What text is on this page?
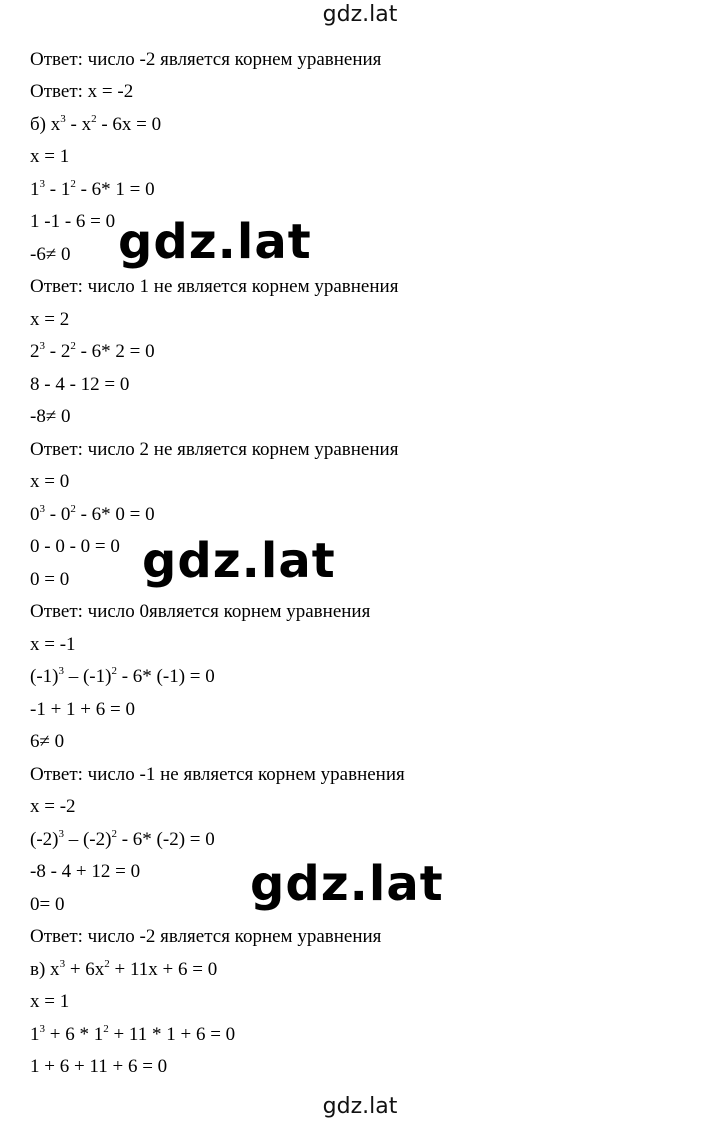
gdz.lat
Ответ: число -2 является корнем уравнения
Ответ: x = -2
б) $x^3 - x^2 - 6x = 0$
x = 1
$1^3 - 1^2 - 6*$ 1 = 0
1 -1 - 6 = 0
-6≠ 0
Ответ: число 1 не является корнем уравнения
x = 2
$2^3 - 2^2 - 6*$ 2 = 0
8 - 4 - 12 = 0
-8≠ 0
Ответ: число 2 не является корнем уравнения
x = 0
$0^3 - 0^2 - 6*$ 0 = 0
0 - 0 - 0 = 0
0 = 0
Ответ: число 0является корнем уравнения
x = -1
$(-1)^3 - (-1)^2 - 6*$ (-1) = 0
-1 + 1 + 6 = 0
6≠ 0
Ответ: число -1 не является корнем уравнения
x = -2
$(-2)^3 - (-2)^2 - 6*$ (-2) = 0
-8 - 4 + 12 = 0
0= 0
Ответ: число -2 является корнем уравнения
в) $x^3 + 6x^2 + 11x + 6 = 0$
x = 1
$1^3 + 6 * 1^2 + 11 * 1 + 6 = 0$
1 + 6 + 11 + 6 = 0
gdz.lat
gdz.lat
gdz.lat
gdz.lat
